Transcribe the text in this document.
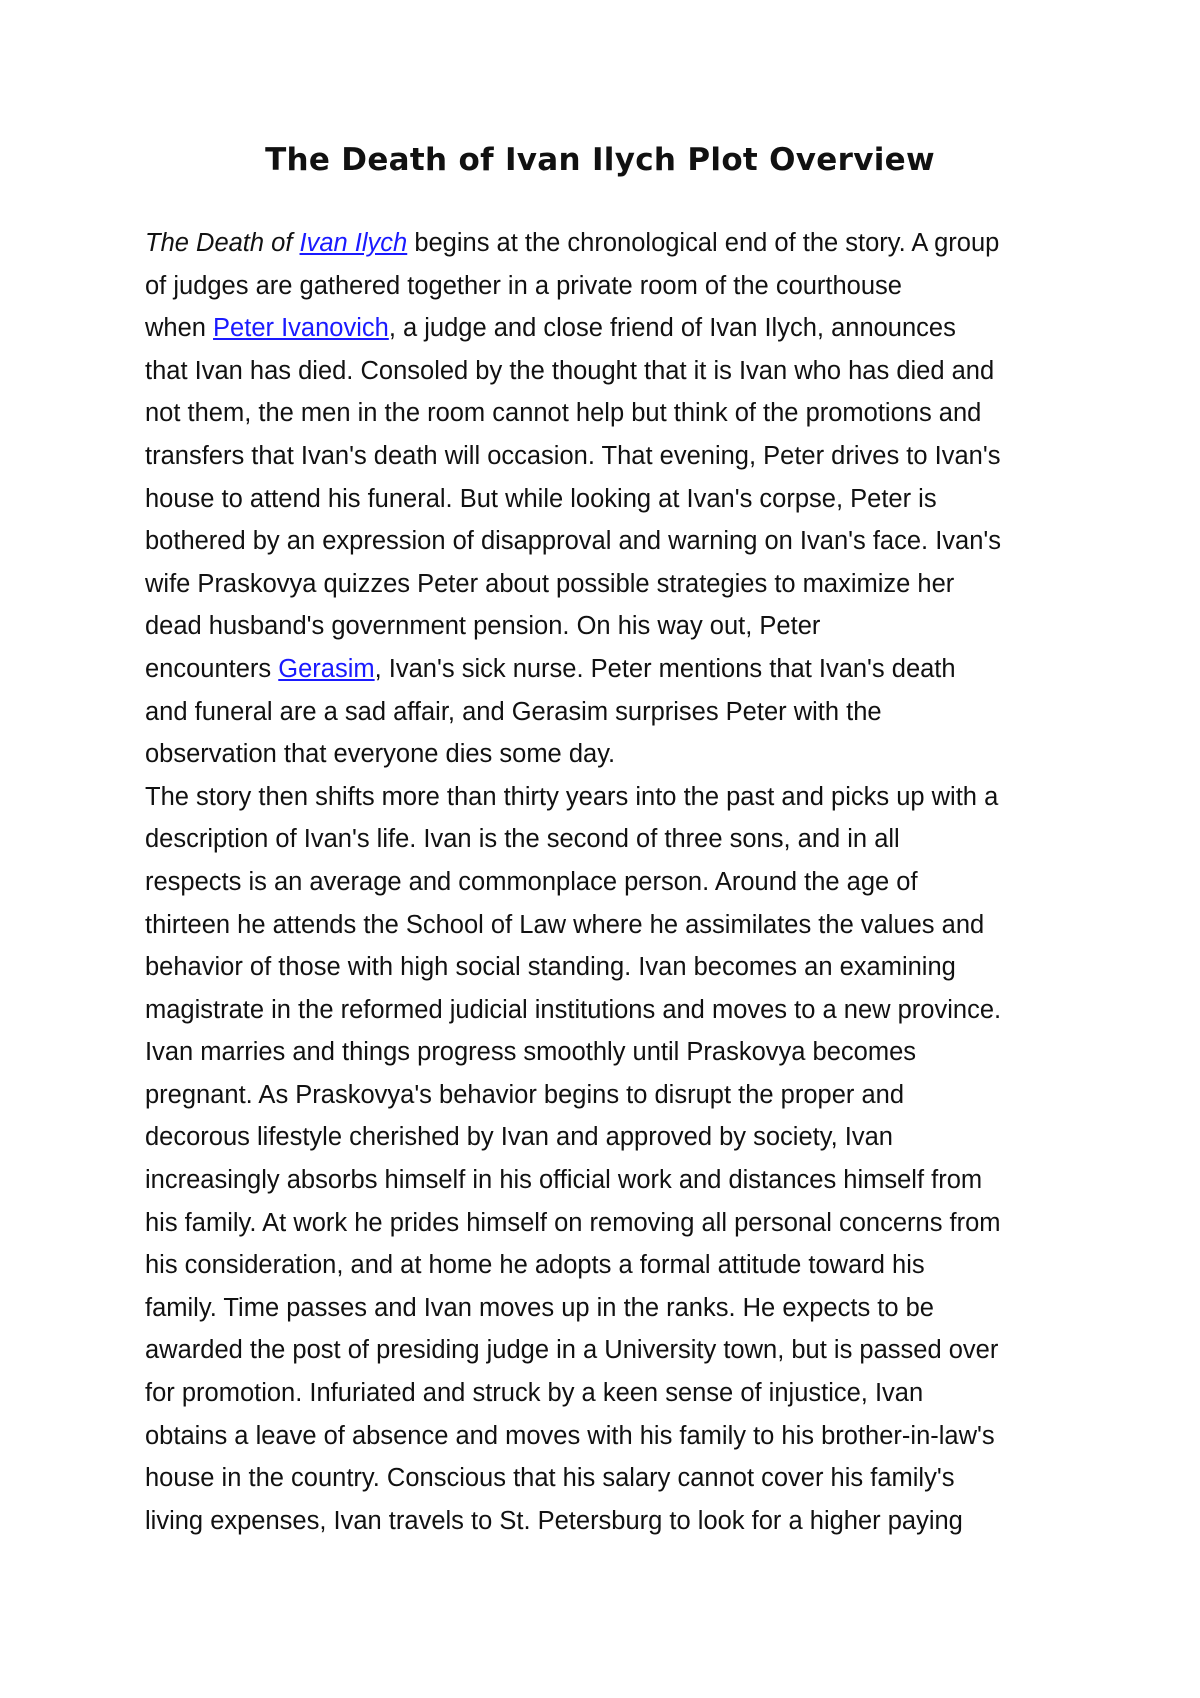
The Death of Ivan Ilych Plot Overview
The Death of Ivan Ilych begins at the chronological end of the story. A group
of judges are gathered together in a private room of the courthouse
when Peter Ivanovich, a judge and close friend of Ivan Ilych, announces
that Ivan has died. Consoled by the thought that it is Ivan who has died and
not them, the men in the room cannot help but think of the promotions and
transfers that Ivan's death will occasion. That evening, Peter drives to Ivan's
house to attend his funeral. But while looking at Ivan's corpse, Peter is
bothered by an expression of disapproval and warning on Ivan's face. Ivan's
wife Praskovya quizzes Peter about possible strategies to maximize her
dead husband's government pension. On his way out, Peter
encounters Gerasim, Ivan's sick nurse. Peter mentions that Ivan's death
and funeral are a sad affair, and Gerasim surprises Peter with the
observation that everyone dies some day.
The story then shifts more than thirty years into the past and picks up with a
description of Ivan's life. Ivan is the second of three sons, and in all
respects is an average and commonplace person. Around the age of
thirteen he attends the School of Law where he assimilates the values and
behavior of those with high social standing. Ivan becomes an examining
magistrate in the reformed judicial institutions and moves to a new province.
Ivan marries and things progress smoothly until Praskovya becomes
pregnant. As Praskovya's behavior begins to disrupt the proper and
decorous lifestyle cherished by Ivan and approved by society, Ivan
increasingly absorbs himself in his official work and distances himself from
his family. At work he prides himself on removing all personal concerns from
his consideration, and at home he adopts a formal attitude toward his
family. Time passes and Ivan moves up in the ranks. He expects to be
awarded the post of presiding judge in a University town, but is passed over
for promotion. Infuriated and struck by a keen sense of injustice, Ivan
obtains a leave of absence and moves with his family to his brother-in-law's
house in the country. Conscious that his salary cannot cover his family's
living expenses, Ivan travels to St. Petersburg to look for a higher paying
